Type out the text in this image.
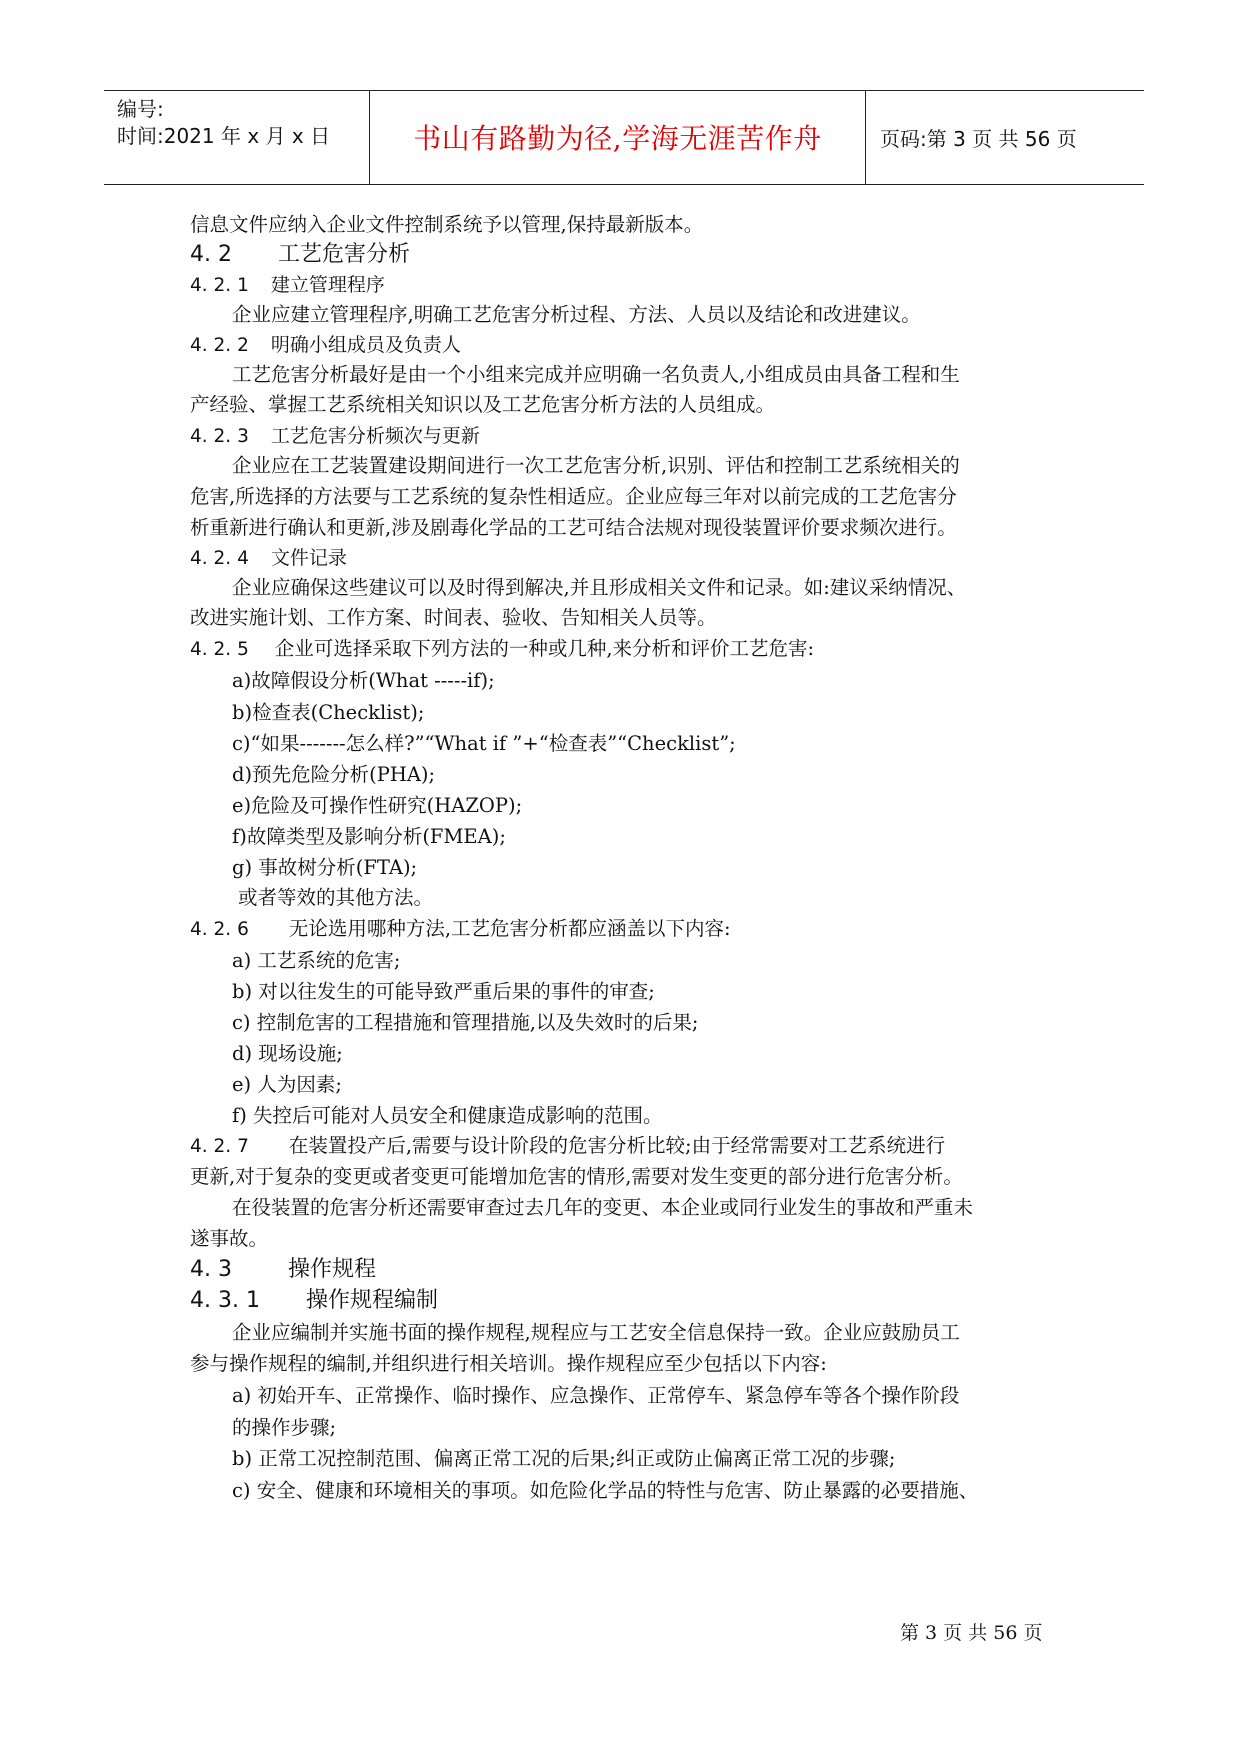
编号:
时间:2021 年 x 月 x 日	书山有路勤为径,学海无涯苦作舟	页码:第 3 页 共 56 页
信息文件应纳入企业文件控制系统予以管理,保持最新版本。
4. 2 工艺危害分析
4. 2. 1 建立管理程序
企业应建立管理程序,明确工艺危害分析过程、方法、人员以及结论和改进建议。
4. 2. 2 明确小组成员及负责人
工艺危害分析最好是由一个小组来完成并应明确一名负责人,小组成员由具备工程和生
产经验、掌握工艺系统相关知识以及工艺危害分析方法的人员组成。
4. 2. 3 工艺危害分析频次与更新
企业应在工艺装置建设期间进行一次工艺危害分析,识别、评估和控制工艺系统相关的
危害,所选择的方法要与工艺系统的复杂性相适应。企业应每三年对以前完成的工艺危害分
析重新进行确认和更新,涉及剧毒化学品的工艺可结合法规对现役装置评价要求频次进行。
4. 2. 4 文件记录
企业应确保这些建议可以及时得到解决,并且形成相关文件和记录。如:建议采纳情况、
改进实施计划、工作方案、时间表、验收、告知相关人员等。
4. 2. 5 企业可选择采取下列方法的一种或几种,来分析和评价工艺危害:
a)故障假设分析(What -----if);
b)检查表(Checklist);
c)“如果-------怎么样?”“What if ”+“检查表”“Checklist”;
d)预先危险分析(PHA);
e)危险及可操作性研究(HAZOP);
f)故障类型及影响分析(FMEA);
g) 事故树分析(FTA);
或者等效的其他方法。
4. 2. 6 无论选用哪种方法,工艺危害分析都应涵盖以下内容:
a) 工艺系统的危害;
b) 对以往发生的可能导致严重后果的事件的审查;
c) 控制危害的工程措施和管理措施,以及失效时的后果;
d) 现场设施;
e) 人为因素;
f) 失控后可能对人员安全和健康造成影响的范围。
4. 2. 7 在装置投产后,需要与设计阶段的危害分析比较;由于经常需要对工艺系统进行
更新,对于复杂的变更或者变更可能增加危害的情形,需要对发生变更的部分进行危害分析。
在役装置的危害分析还需要审查过去几年的变更、本企业或同行业发生的事故和严重未
遂事故。
4. 3	操作规程
4. 3. 1 操作规程编制
企业应编制并实施书面的操作规程,规程应与工艺安全信息保持一致。企业应鼓励员工
参与操作规程的编制,并组织进行相关培训。操作规程应至少包括以下内容:
a) 初始开车、正常操作、临时操作、应急操作、正常停车、紧急停车等各个操作阶段
的操作步骤;
b) 正常工况控制范围、偏离正常工况的后果;纠正或防止偏离正常工况的步骤;
c) 安全、健康和环境相关的事项。如危险化学品的特性与危害、防止暴露的必要措施、
第 3 页 共 56 页
